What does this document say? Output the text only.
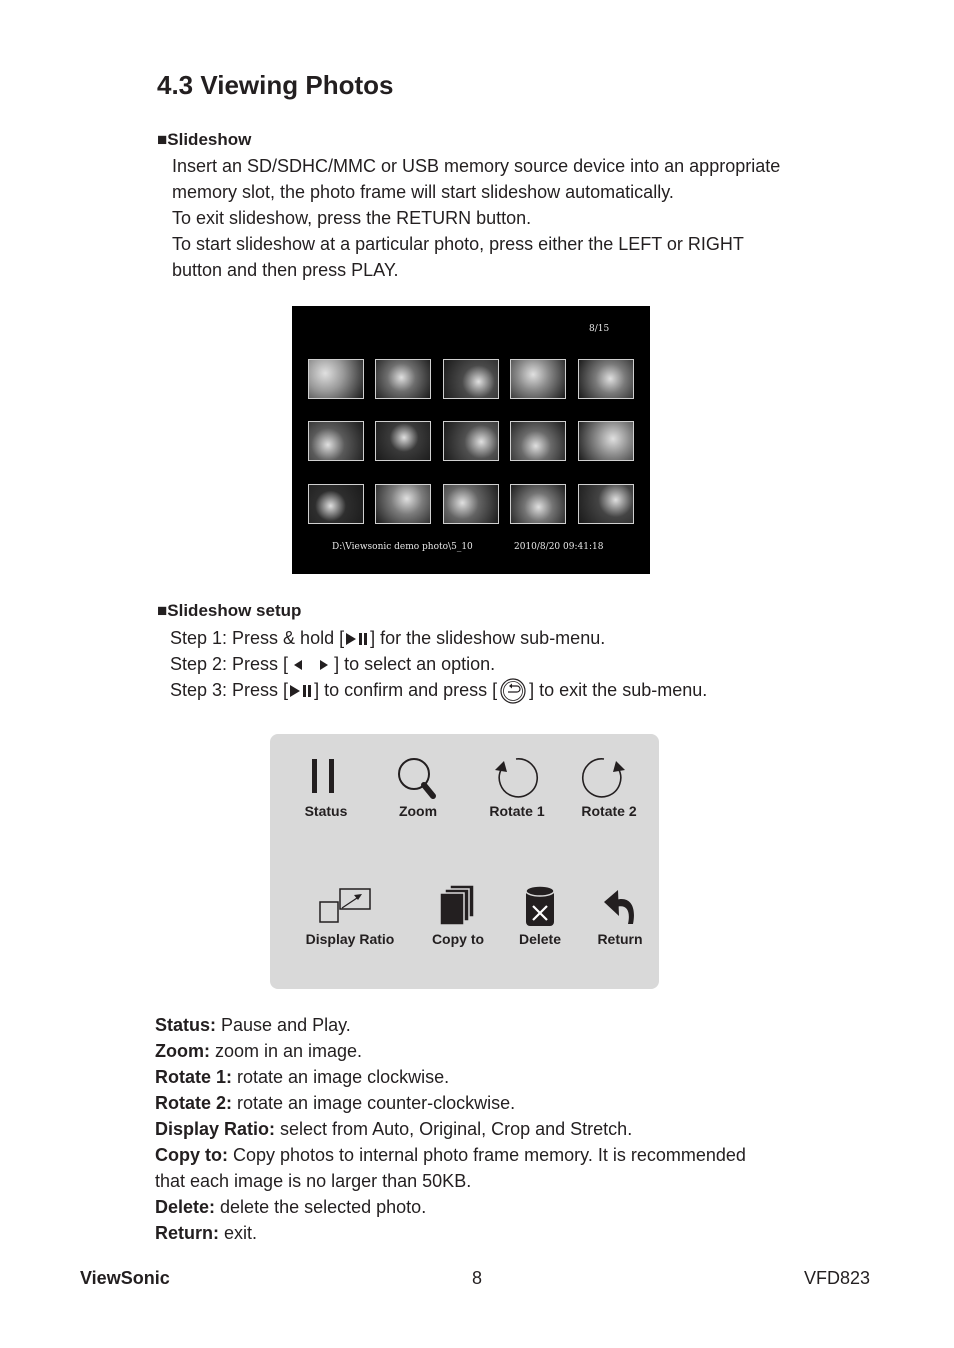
4.3 Viewing Photos
■Slideshow
Insert an SD/SDHC/MMC or USB memory source device into an appropriate
memory slot, the photo frame will start slideshow automatically.
To exit slideshow, press the RETURN button.
To start slideshow at a particular photo, press either the LEFT or RIGHT
button and then press PLAY.
8/15
D:\Viewsonic demo photo\5_10	2010/8/20 09:41:18
■Slideshow setup
Step 1: Press & hold [ ] for the slideshow sub-menu.
Step 2: Press [	] to select an option.
Step 3: Press [ ] to confirm and press [ ] to exit the sub-menu.
Status	Zoom	Rotate 1	Rotate 2
Display Ratio	Copy to	Delete	Return
Status: Pause and Play.
Zoom: zoom in an image.
Rotate 1: rotate an image clockwise.
Rotate 2: rotate an image counter-clockwise.
Display Ratio: select from Auto, Original, Crop and Stretch.
Copy to: Copy photos to internal photo frame memory. It is recommended
that each image is no larger than 50KB.
Delete: delete the selected photo.
Return: exit.
ViewSonic	8	VFD823
